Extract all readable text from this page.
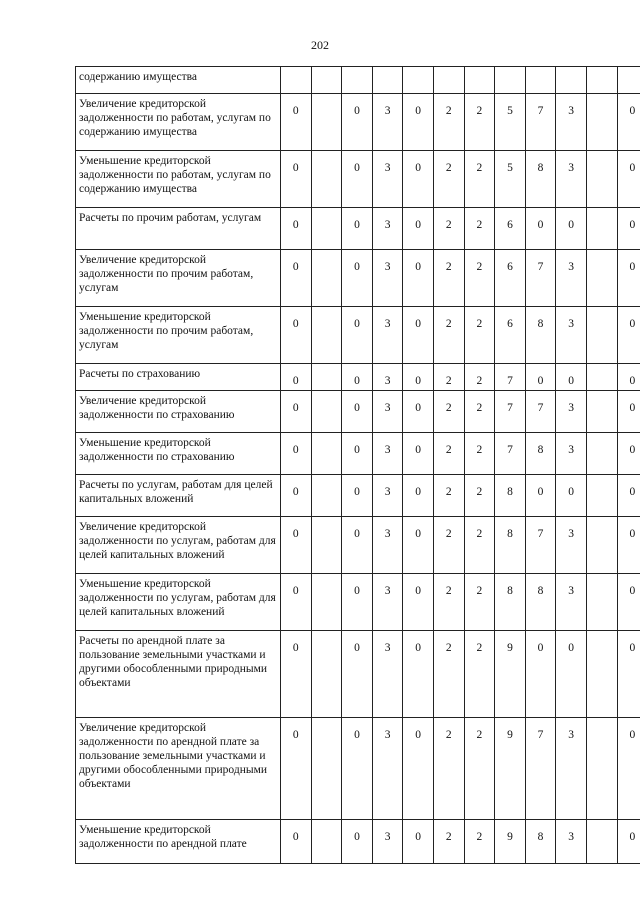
202
содержанию имущества												
Увеличение кредиторской задолженности по работам, услугам по содержанию имущества	0		0	3	0	2	2	5	7	3		0
Уменьшение кредиторской задолженности по работам, услугам по содержанию имущества	0		0	3	0	2	2	5	8	3		0
Расчеты по прочим работам, услугам	0		0	3	0	2	2	6	0	0		0
Увеличение кредиторской задолженности по прочим работам, услугам	0		0	3	0	2	2	6	7	3		0
Уменьшение кредиторской задолженности по прочим работам, услугам	0		0	3	0	2	2	6	8	3		0
Расчеты по страхованию	0		0	3	0	2	2	7	0	0		0
Увеличение кредиторской задолженности по страхованию	0		0	3	0	2	2	7	7	3		0
Уменьшение кредиторской задолженности по страхованию	0		0	3	0	2	2	7	8	3		0
Расчеты по услугам, работам для целей капитальных вложений	0		0	3	0	2	2	8	0	0		0
Увеличение кредиторской задолженности по услугам, работам для целей капитальных вложений	0		0	3	0	2	2	8	7	3		0
Уменьшение кредиторской задолженности по услугам, работам для целей капитальных вложений	0		0	3	0	2	2	8	8	3		0
Расчеты по арендной плате за пользование земельными участками и другими обособленными природными объектами	0		0	3	0	2	2	9	0	0		0
Увеличение кредиторской задолженности по арендной плате за пользование земельными участками и другими обособленными природными объектами	0		0	3	0	2	2	9	7	3		0
Уменьшение кредиторской задолженности по арендной плате	0		0	3	0	2	2	9	8	3		0
